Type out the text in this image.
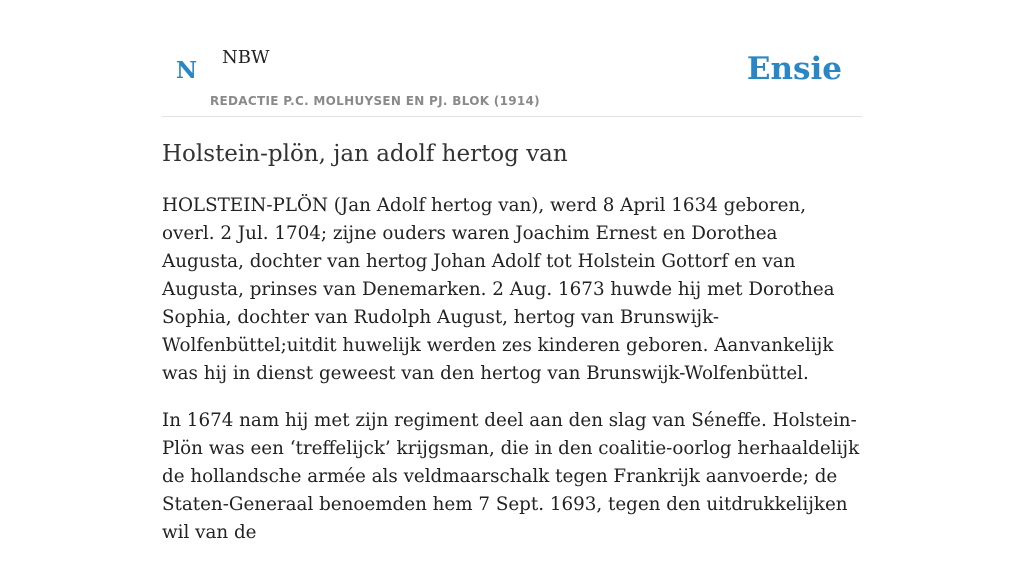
N NBW
REDACTIE P.C. MOLHUYSEN EN PJ. BLOK (1914)
Ensie
Holstein-plön, jan adolf hertog van

HOLSTEIN-PLÖN (Jan Adolf hertog van), werd 8 April 1634 geboren, overl. 2 Jul. 1704; zijne ouders waren Joachim Ernest en Dorothea Augusta, dochter van hertog Johan Adolf tot Holstein Gottorf en van Augusta, prinses van Denemarken. 2 Aug. 1673 huwde hij met Dorothea Sophia, dochter van Rudolph August, hertog van Brunswijk-Wolfenbüttel;uitdit huwelijk werden zes kinderen geboren. Aanvankelijk was hij in dienst geweest van den hertog van Brunswijk-Wolfenbüttel.

In 1674 nam hij met zijn regiment deel aan den slag van Séneffe. Holstein-Plön was een ‘treffelijck’ krijgsman, die in den coalitie-oorlog herhaaldelijk de hollandsche armée als veldmaarschalk tegen Frankrijk aanvoerde; de Staten-Generaal benoemden hem 7 Sept. 1693, tegen den uitdrukkelijken wil van de
